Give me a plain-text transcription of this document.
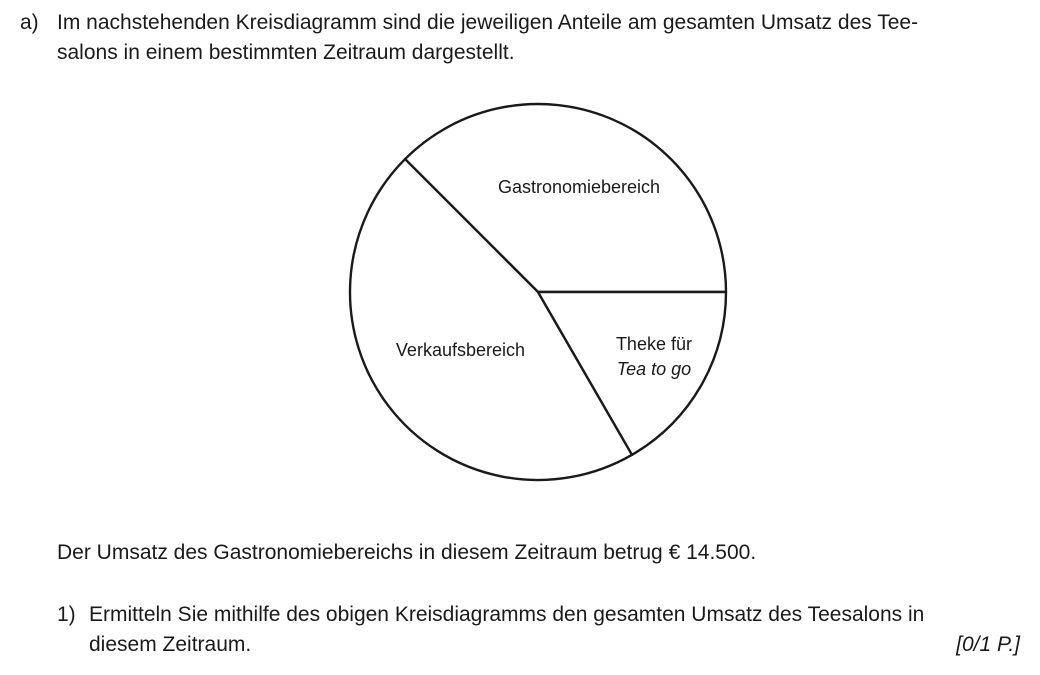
a) Im nachstehenden Kreisdiagramm sind die jeweiligen Anteile am gesamten Umsatz des Tee-
salons in einem bestimmten Zeitraum dargestellt.
Gastronomiebereich
Verkaufsbereich	Theke für
Tea to go
Der Umsatz des Gastronomiebereichs in diesem Zeitraum betrug € 14.500.
1) Ermitteln Sie mithilfe des obigen Kreisdiagramms den gesamten Umsatz des Teesalons in
diesem Zeitraum.	[0/1 P.]
